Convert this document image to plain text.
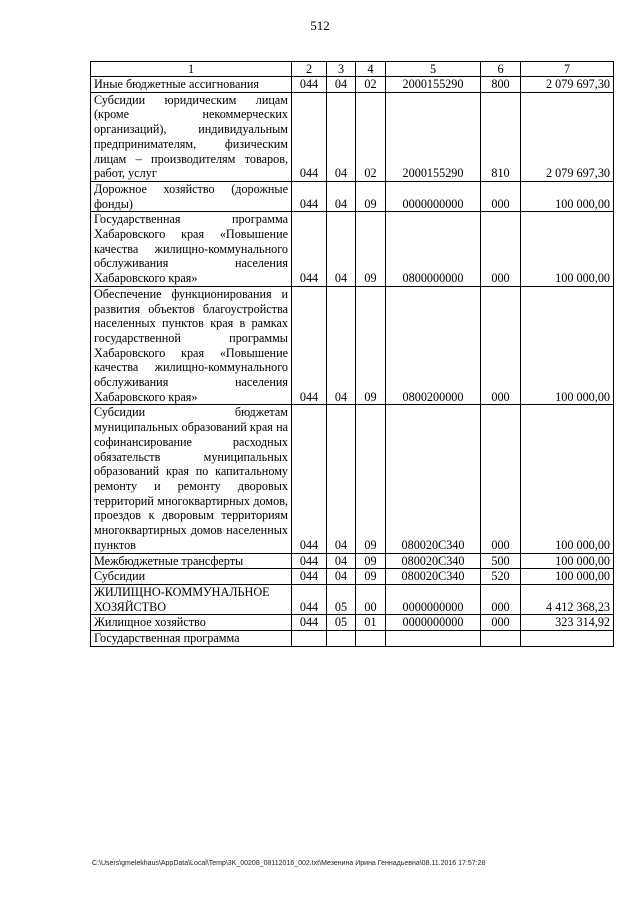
512
1	2	3	4	5	6	7
Иные бюджетные ассигнования	044	04	02	2000155290	800	2 079 697,30
Субсидии юридическим лицам (кроме некоммерческих организаций), индивидуальным предпринимателям, физическим лицам – производителям товаров, работ, услуг	044	04	02	2000155290	810	2 079 697,30
Дорожное хозяйство (дорожные фонды)	044	04	09	0000000000	000	100 000,00
Государственная программа Хабаровского края «Повышение качества жилищно-коммунального обслуживания населения Хабаровского края»	044	04	09	0800000000	000	100 000,00
Обеспечение функционирования и развития объектов благоустройства населенных пунктов края в рамках государственной программы Хабаровского края «Повышение качества жилищно-коммунального обслуживания населения Хабаровского края»	044	04	09	0800200000	000	100 000,00
Субсидии бюджетам муниципальных образований края на софинансирование расходных обязательств муниципальных образований края по капитальному ремонту и ремонту дворовых территорий многоквартирных домов, проездов к дворовым территориям многоквартирных домов населенных пунктов	044	04	09	080020С340	000	100 000,00
Межбюджетные трансферты	044	04	09	080020С340	500	100 000,00
Субсидии	044	04	09	080020С340	520	100 000,00
ЖИЛИЩНО-КОММУНАЛЬНОЕ ХОЗЯЙСТВО	044	05	00	0000000000	000	4 412 368,23
Жилищное хозяйство	044	05	01	0000000000	000	323 314,92
Государственная программа						
C:\Users\gmelekhaus\AppData\Local\Temp\3K_00208_08112016_002.txt\Мезенина Ирина Геннадьевна\08.11.2016 17:57:28
